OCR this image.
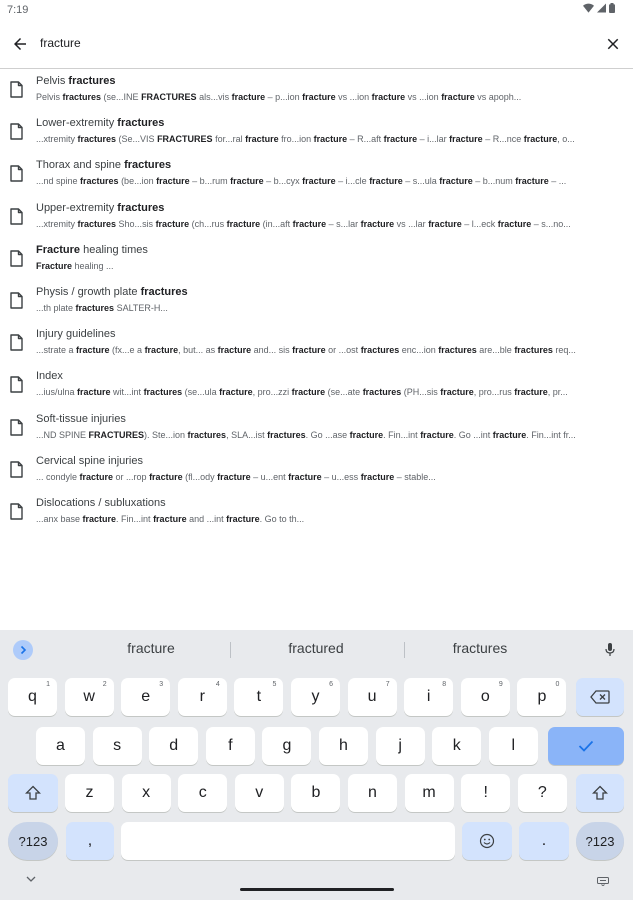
7:19
fracture
Pelvis fractures
Pelvis fractures (se...INE FRACTURES als...vis fracture – p...ion fracture vs ...ion fracture vs ...ion fracture vs apoph...
Lower-extremity fractures
...xtremity fractures (Se...VIS FRACTURES for...ral fracture fro...ion fracture – R...aft fracture – i...lar fracture – R...nce fracture, o...
Thorax and spine fractures
...nd spine fractures (be...ion fracture – b...rum fracture – b...cyx fracture – i...cle fracture – s...ula fracture – b...num fracture – ...
Upper-extremity fractures
...xtremity fractures Sho...sis fracture (ch...rus fracture (in...aft fracture – s...lar fracture vs ...lar fracture – l...eck fracture – s...no...
Fracture healing times
Fracture healing ...
Physis / growth plate fractures
...th plate fractures SALTER-H...
Injury guidelines
...strate a fracture (fx...e a fracture, but... as fracture and... sis fracture or ...ost fractures enc...ion fractures are...ble fractures req...
Index
...ius/ulna fracture wit...int fractures (se...ula fracture, pro...zzi fracture (se...ate fractures (PH...sis fracture, pro...rus fracture, pr...
Soft-tissue injuries
...ND SPINE FRACTURES). Ste...ion fractures, SLA...ist fractures. Go ...ase fracture. Fin...int fracture. Go ...int fracture. Fin...int fr...
Cervical spine injuries
... condyle fracture or ...rop fracture (fl...ody fracture – u...ent fracture – u...ess fracture – stable...
Dislocations / subluxations
...anx base fracture. Fin...int fracture and ...int fracture. Go to th...
fracture	fractured	fractures
?123	,	.	?123
q
1
w
2
e
3
r
4
t
5
y
6
u
7
i
8
o
9
p
0
a	s	d	f	g	h	j	k	l
z	x	c	v	b	n	m	!	?
